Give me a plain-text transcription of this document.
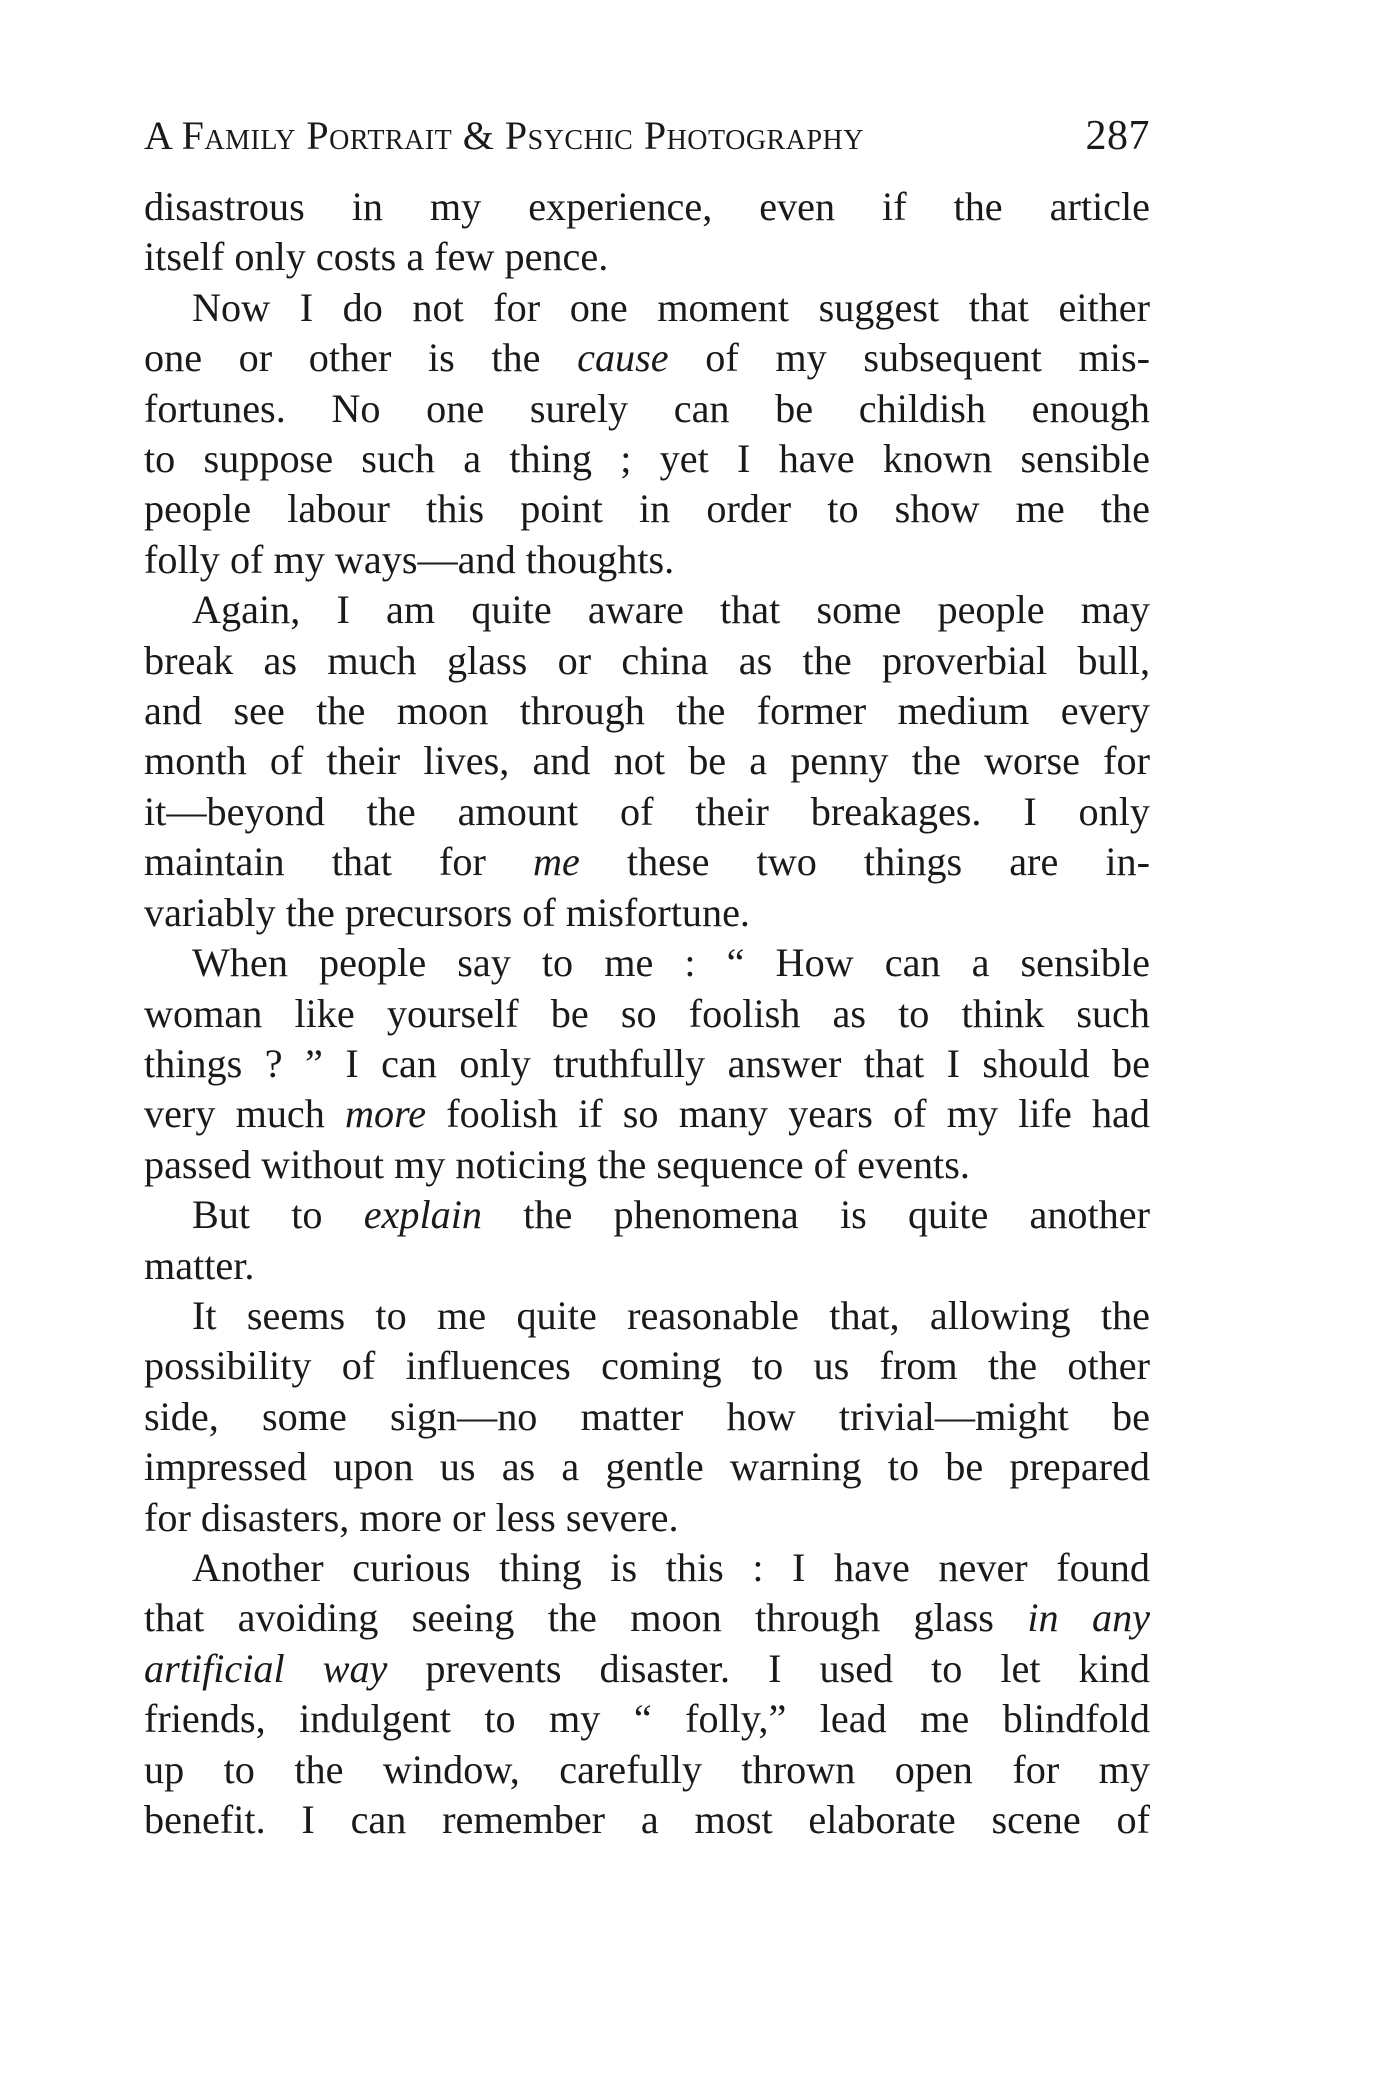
A Family Portrait & Psychic Photography	287
disastrous in my experience, even if the article
itself only costs a few pence.
Now I do not for one moment suggest that either
one or other is the cause of my subsequent mis-
fortunes. No one surely can be childish enough
to suppose such a thing ; yet I have known sensible
people labour this point in order to show me the
folly of my ways—and thoughts.
Again, I am quite aware that some people may
break as much glass or china as the proverbial bull,
and see the moon through the former medium every
month of their lives, and not be a penny the worse for
it—beyond the amount of their breakages. I only
maintain that for me these two things are in-
variably the precursors of misfortune.
When people say to me : “ How can a sensible
woman like yourself be so foolish as to think such
things ? ” I can only truthfully answer that I should be
very much more foolish if so many years of my life had
passed without my noticing the sequence of events.
But to explain the phenomena is quite another
matter.
It seems to me quite reasonable that, allowing the
possibility of influences coming to us from the other
side, some sign—no matter how trivial—might be
impressed upon us as a gentle warning to be prepared
for disasters, more or less severe.
Another curious thing is this : I have never found
that avoiding seeing the moon through glass in any
artificial way prevents disaster. I used to let kind
friends, indulgent to my “ folly,” lead me blindfold
up to the window, carefully thrown open for my
benefit. I can remember a most elaborate scene of
